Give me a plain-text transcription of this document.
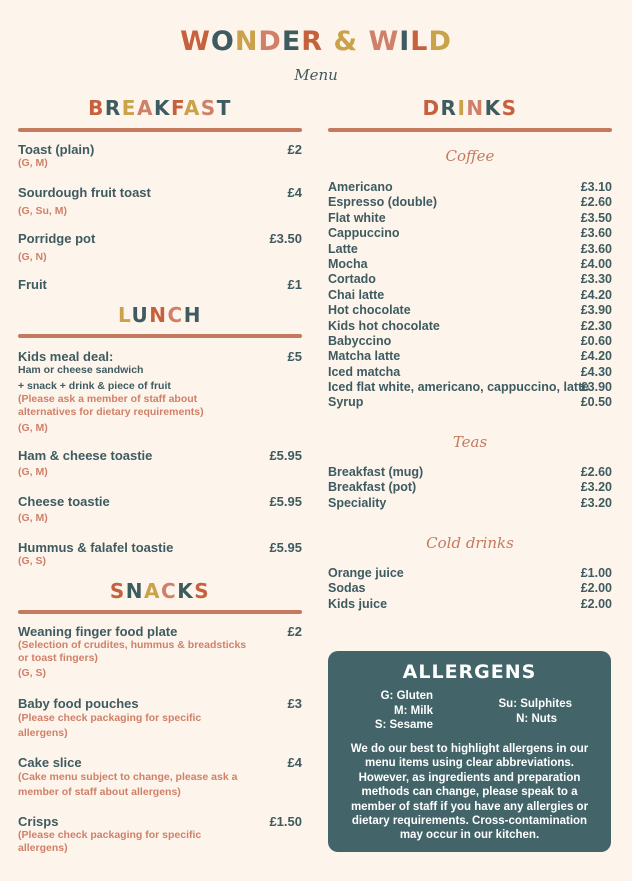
WONDER & WILD
Menu
BREAKFAST
Toast (plain)	£2
(G, M)
Sourdough fruit toast	£4
(G, Su, M)
Porridge pot	£3.50
(G, N)
Fruit	£1
LUNCH
Kids meal deal:	£5
Ham or cheese sandwich
+ snack + drink & piece of fruit
(Please ask a member of staff about alternatives for dietary requirements)
(G, M)
Ham & cheese toastie	£5.95
(G, M)
Cheese toastie	£5.95
(G, M)
Hummus & falafel toastie	£5.95
(G, S)
SNACKS
Weaning finger food plate	£2
(Selection of crudites, hummus & breadsticks or toast fingers)
(G, S)
Baby food pouches	£3
(Please check packaging for specific allergens)
Cake slice	£4
(Cake menu subject to change, please ask a member of staff about allergens)
Crisps	£1.50
(Please check packaging for specific allergens)
DRINKS
Coffee
Americano	£3.10
Espresso (double)	£2.60
Flat white	£3.50
Cappuccino	£3.60
Latte	£3.60
Mocha	£4.00
Cortado	£3.30
Chai latte	£4.20
Hot chocolate	£3.90
Kids hot chocolate	£2.30
Babyccino	£0.60
Matcha latte	£4.20
Iced matcha	£4.30
Iced flat white, americano, cappuccino, latte
£3.90
Syrup	£0.50
Teas
Breakfast (mug)	£2.60
Breakfast (pot)	£3.20
Speciality	£3.20
Cold drinks
Orange juice	£1.00
Sodas	£2.00
Kids juice	£2.00
ALLERGENS
G: Gluten
M: Milk
S: Sesame
Su: Sulphites
N: Nuts
We do our best to highlight allergens in our menu items using clear abbreviations. However, as ingredients and preparation methods can change, please speak to a member of staff if you have any allergies or dietary requirements. Cross-contamination may occur in our kitchen.
